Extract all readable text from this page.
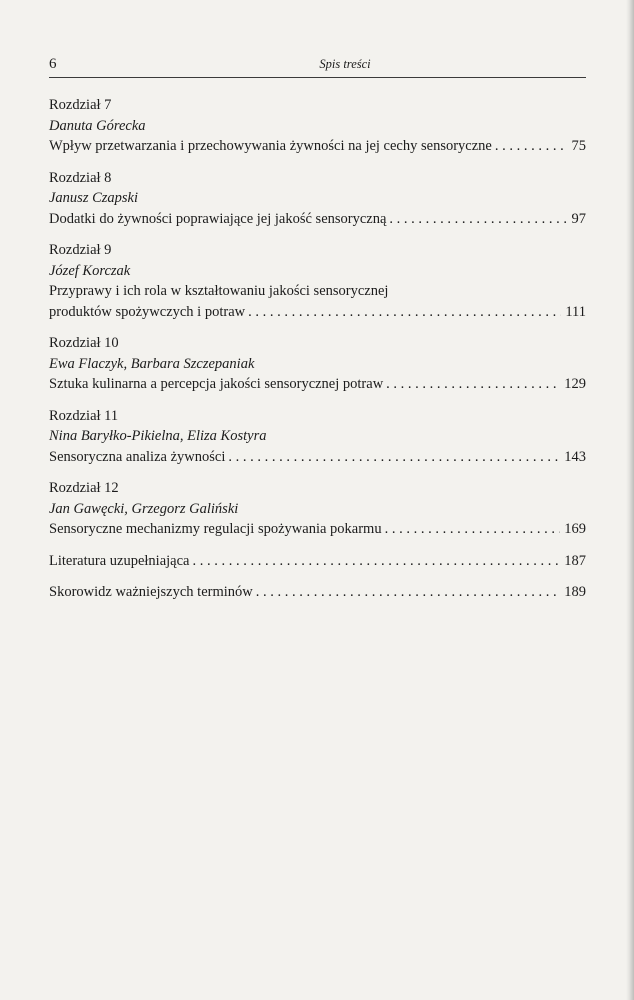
6	Spis treści

Rozdział 7

Danuta Górecka

Wpływ przetwarzania i przechowywania żywności na jej cechy sensoryczne . . .	75

Rozdział 8

Janusz Czapski

Dodatki do żywności poprawiające jej jakość sensoryczną . . .	97

Rozdział 9

Józef Korczak

Przyprawy i ich rola w kształtowaniu jakości sensorycznej

produktów spożywczych i potraw . . .	111

Rozdział 10

Ewa Flaczyk, Barbara Szczepaniak

Sztuka kulinarna a percepcja jakości sensorycznej potraw . . .	129

Rozdział 11

Nina Baryłko-Pikielna, Eliza Kostyra

Sensoryczna analiza żywności . . .	143

Rozdział 12

Jan Gawęcki, Grzegorz Galiński

Sensoryczne mechanizmy regulacji spożywania pokarmu . . .	169
Literatura uzupełniająca . . .	187
Skorowidz ważniejszych terminów . . .	189
